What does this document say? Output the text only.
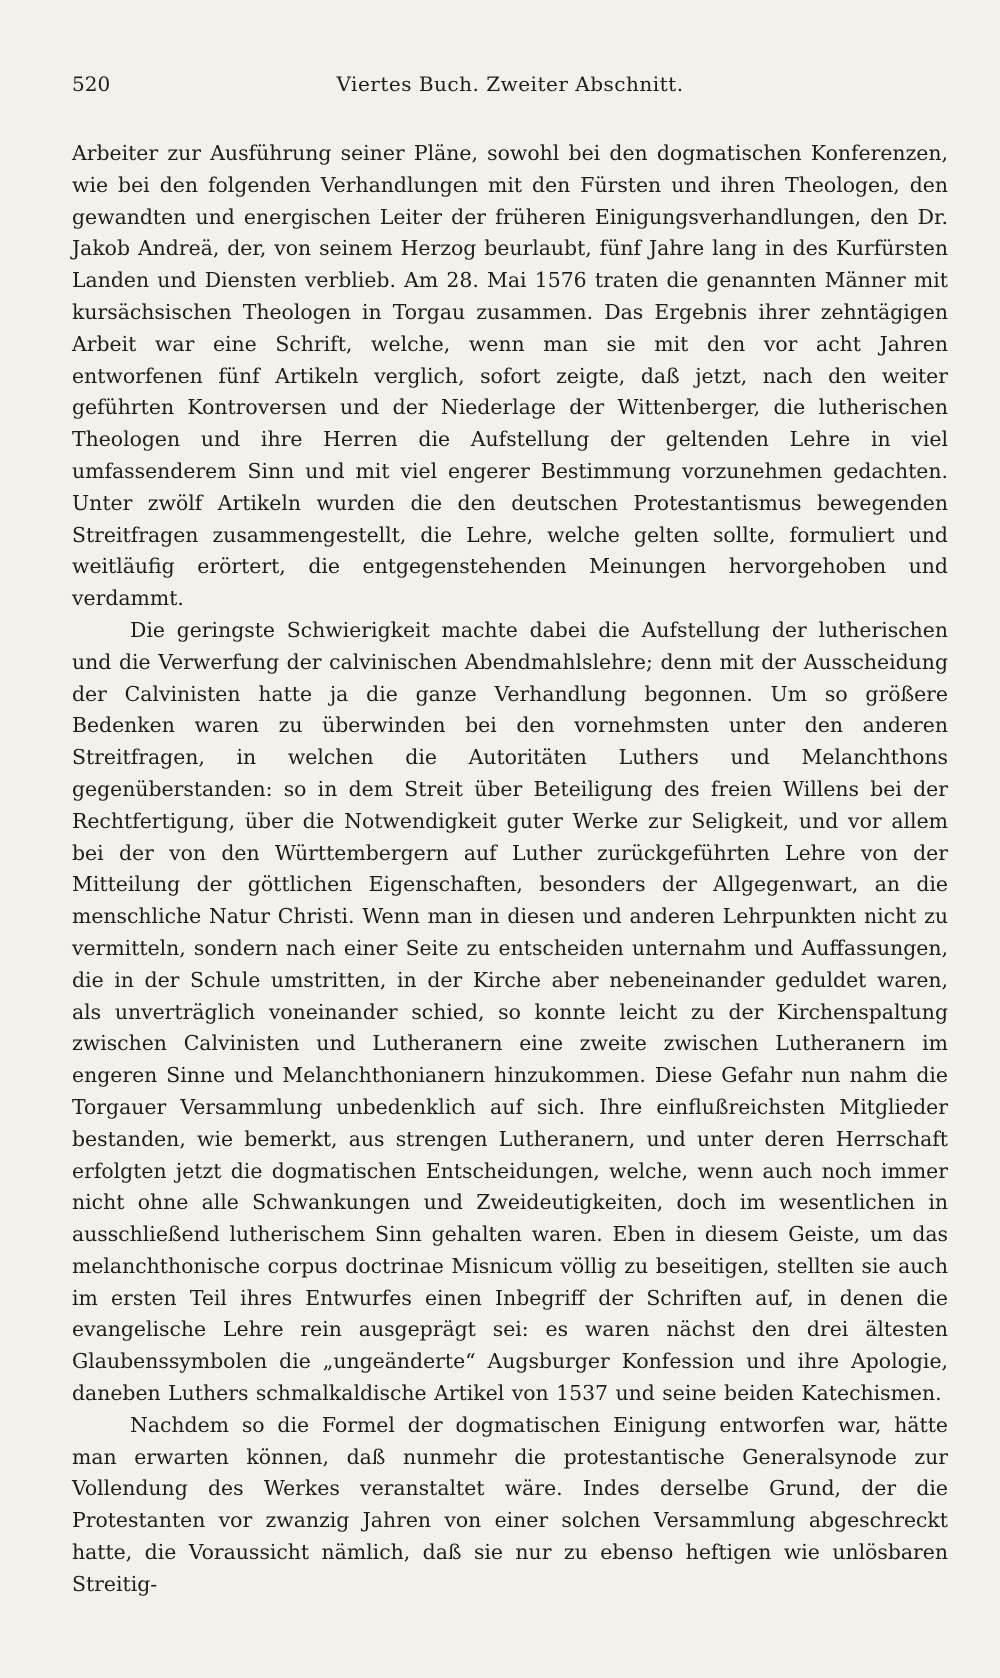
520	Viertes Buch. Zweiter Abschnitt.

Arbeiter zur Ausführung seiner Pläne, sowohl bei den dogmatischen Konferenzen, wie bei den folgenden Verhandlungen mit den Fürsten und ihren Theologen, den gewandten und energischen Leiter der früheren Einigungsverhandlungen, den Dr. Jakob Andreä, der, von seinem Herzog beurlaubt, fünf Jahre lang in des Kurfürsten Landen und Diensten verblieb. Am 28. Mai 1576 traten die genannten Männer mit kursächsischen Theologen in Torgau zusammen. Das Ergebnis ihrer zehntägigen Arbeit war eine Schrift, welche, wenn man sie mit den vor acht Jahren entworfenen fünf Artikeln verglich, sofort zeigte, daß jetzt, nach den weiter geführten Kontroversen und der Niederlage der Wittenberger, die lutherischen Theologen und ihre Herren die Aufstellung der geltenden Lehre in viel umfassenderem Sinn und mit viel engerer Bestimmung vorzunehmen gedachten. Unter zwölf Artikeln wurden die den deutschen Protestantismus bewegenden Streitfragen zusammengestellt, die Lehre, welche gelten sollte, formuliert und weitläufig erörtert, die entgegenstehenden Meinungen hervorgehoben und verdammt.

Die geringste Schwierigkeit machte dabei die Aufstellung der lutherischen und die Verwerfung der calvinischen Abendmahlslehre; denn mit der Ausscheidung der Calvinisten hatte ja die ganze Verhandlung begonnen. Um so größere Bedenken waren zu überwinden bei den vornehmsten unter den anderen Streitfragen, in welchen die Autoritäten Luthers und Melanchthons gegenüberstanden: so in dem Streit über Beteiligung des freien Willens bei der Rechtfertigung, über die Notwendigkeit guter Werke zur Seligkeit, und vor allem bei der von den Württembergern auf Luther zurückgeführten Lehre von der Mitteilung der göttlichen Eigenschaften, besonders der Allgegenwart, an die menschliche Natur Christi. Wenn man in diesen und anderen Lehrpunkten nicht zu vermitteln, sondern nach einer Seite zu entscheiden unternahm und Auffassungen, die in der Schule umstritten, in der Kirche aber nebeneinander geduldet waren, als unverträglich voneinander schied, so konnte leicht zu der Kirchenspaltung zwischen Calvinisten und Lutheranern eine zweite zwischen Lutheranern im engeren Sinne und Melanchthonianern hinzukommen. Diese Gefahr nun nahm die Torgauer Versammlung unbedenklich auf sich. Ihre einflußreichsten Mitglieder bestanden, wie bemerkt, aus strengen Lutheranern, und unter deren Herrschaft erfolgten jetzt die dogmatischen Entscheidungen, welche, wenn auch noch immer nicht ohne alle Schwankungen und Zweideutigkeiten, doch im wesentlichen in ausschließend lutherischem Sinn gehalten waren. Eben in diesem Geiste, um das melanchthonische corpus doctrinae Misnicum völlig zu beseitigen, stellten sie auch im ersten Teil ihres Entwurfes einen Inbegriff der Schriften auf, in denen die evangelische Lehre rein ausgeprägt sei: es waren nächst den drei ältesten Glaubenssymbolen die „ungeänderte“ Augsburger Konfession und ihre Apologie, daneben Luthers schmalkaldische Artikel von 1537 und seine beiden Katechismen.

Nachdem so die Formel der dogmatischen Einigung entworfen war, hätte man erwarten können, daß nunmehr die protestantische Generalsynode zur Vollendung des Werkes veranstaltet wäre. Indes derselbe Grund, der die Protestanten vor zwanzig Jahren von einer solchen Versammlung abgeschreckt hatte, die Voraussicht nämlich, daß sie nur zu ebenso heftigen wie unlösbaren Streitig-
